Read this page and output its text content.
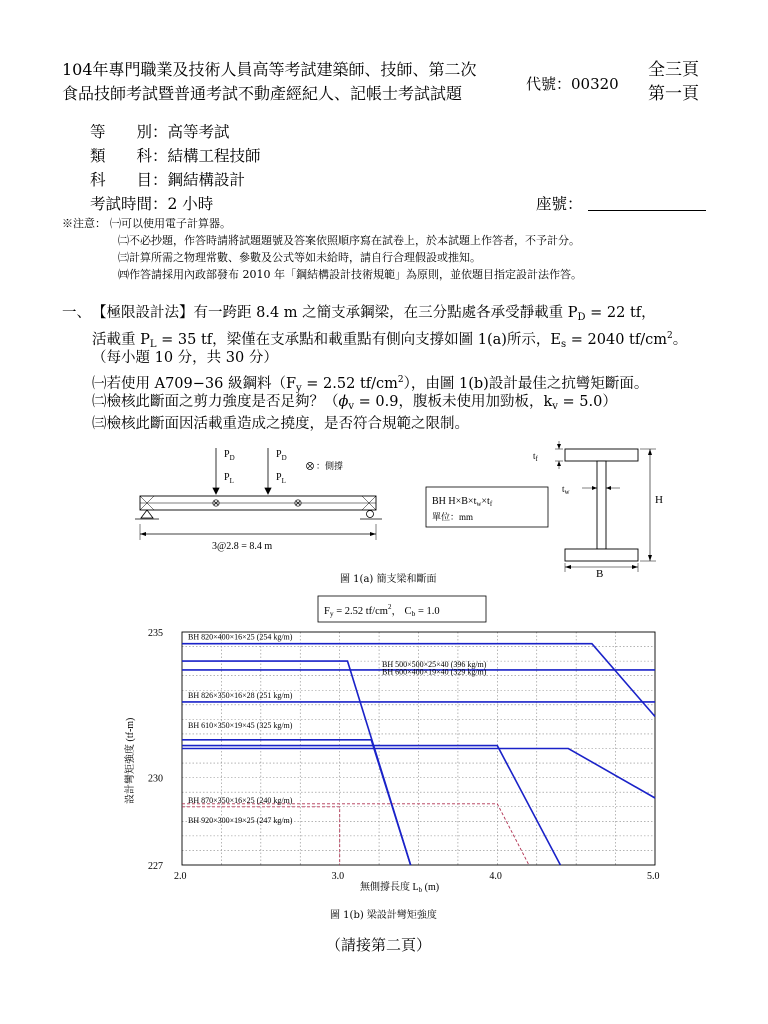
104年專門職業及技術人員高等考試建築師、技師、第二次
食品技師考試暨普通考試不動產經紀人、記帳士考試試題	代號：00320
全三頁
第一頁
等　　別：高等考試
類　　科：結構工程技師
科　　目：鋼結構設計
考試時間：2 小時	座號：
※注意： ㈠可以使用電子計算器。
㈡不必抄題，作答時請將試題題號及答案依照順序寫在試卷上，於本試題上作答者，不予計分。
㈢計算所需之物理常數、參數及公式等如未給時，請自行合理假設或推知。
㈣作答請採用內政部發布 2010 年「鋼結構設計技術規範」為原則，並依題目指定設計法作答。
一、 【極限設計法】有一跨距 8.4 m 之簡支承鋼梁，在三分點處各承受靜載重 $P_D = 22$ tf，
活載重 $P_L = 35$ tf，梁僅在支承點和載重點有側向支撐如圖 1(a)所示，$E_s = 2040$ $tf/cm^2$。
（每小題 10 分，共 30 分）
㈠若使用 A709−36 級鋼料（$F_y = 2.52$ $tf/cm^2$），由圖 1(b)設計最佳之抗彎矩斷面。
㈡檢核此斷面之剪力強度是否足夠？（$\phi_v = 0.9$，腹板未使用加勁板，$k_v = 5.0$）
㈢檢核此斷面因活載重造成之撓度，是否符合規範之限制。
$P_D$	$P_D$
$P_L$	$P_L$
：側撐
3@2.8 = 8.4 m
BH $H\times B\times t_w\times t_f$
單位：mm
$t_f$
$t_w$
H
B
圖 1(a) 簡支梁和斷面
BH 820×400×16×25 (254 kg/m)
BH 500×500×25×40 (396 kg/m)
BH 600×400×19×40 (329 kg/m)
BH 826×350×16×28 (251 kg/m)
BH 610×350×19×45 (325 kg/m)
BH 870×350×16×25 (240 kg/m)
BH 920×300×19×25 (247 kg/m)
2.0	3.0	4.0	5.0
227
230
235
Fy = 2.52 $tf/cm^2$， Cb = 1.0
無側撐長度 $L_b$ (m)
設計彎矩強度 (tf-m)
圖 1(b) 梁設計彎矩強度
（請接第二頁）
